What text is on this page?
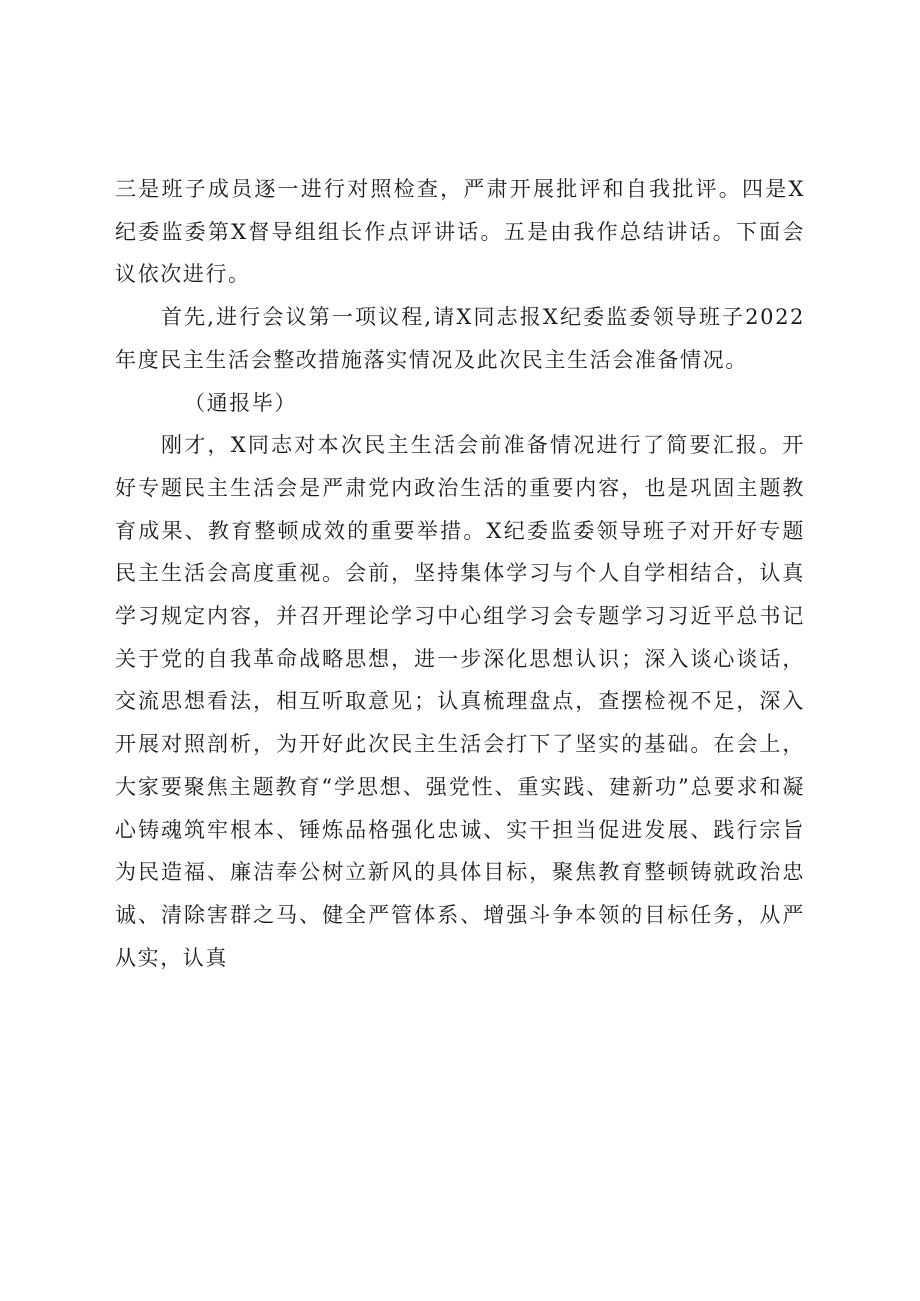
三是班子成员逐一进行对照检查，严肃开展批评和自我批评。四是X纪委监委第X督导组组长作点评讲话。五是由我作总结讲话。下面会议依次进行。

首先,进行会议第一项议程,请X同志报X纪委监委领导班子2022年度民主生活会整改措施落实情况及此次民主生活会准备情况。

（通报毕）

刚才，X同志对本次民主生活会前准备情况进行了简要汇报。开好专题民主生活会是严肃党内政治生活的重要内容，也是巩固主题教育成果、教育整顿成效的重要举措。X纪委监委领导班子对开好专题民主生活会高度重视。会前，坚持集体学习与个人自学相结合，认真学习规定内容，并召开理论学习中心组学习会专题学习习近平总书记关于党的自我革命战略思想，进一步深化思想认识；深入谈心谈话，交流思想看法，相互听取意见；认真梳理盘点，查摆检视不足，深入开展对照剖析，为开好此次民主生活会打下了坚实的基础。在会上，大家要聚焦主题教育“学思想、强党性、重实践、建新功”总要求和凝心铸魂筑牢根本、锤炼品格强化忠诚、实干担当促进发展、践行宗旨为民造福、廉洁奉公树立新风的具体目标，聚焦教育整顿铸就政治忠诚、清除害群之马、健全严管体系、增强斗争本领的目标任务，从严从实，认真
